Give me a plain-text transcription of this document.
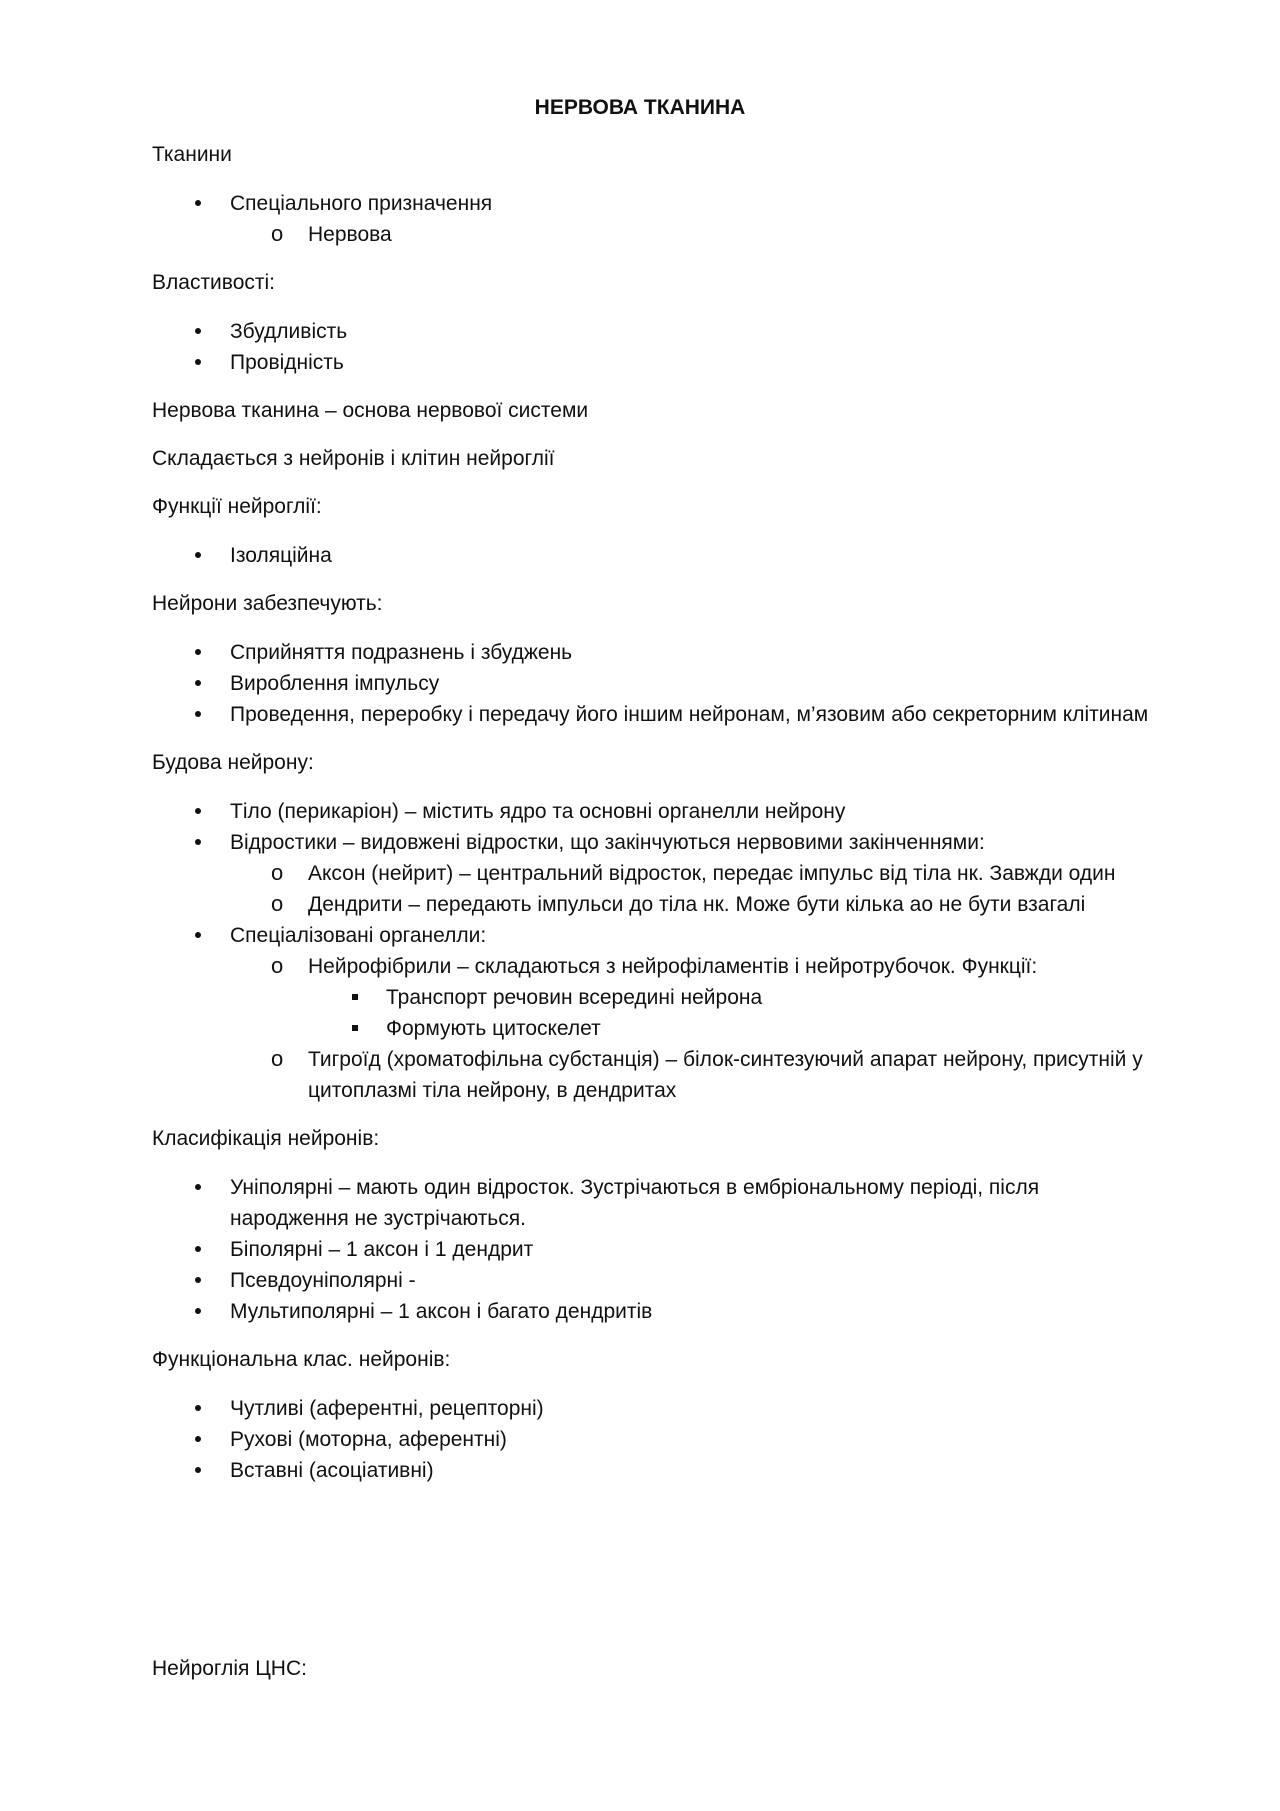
НЕРВОВА ТКАНИНА

Тканини

Спеціального призначення
o Нервова

Властивості:

Збудливість
Провідність

Нервова тканина – основа нервової системи

Складається з нейронів і клітин нейроглії

Функції нейроглії:

Ізоляційна

Нейрони забезпечують:

Сприйняття подразнень і збуджень
Вироблення імпульсу
Проведення, переробку і передачу його іншим нейронам, м’язовим або секреторним клітинам

Будова нейрону:

Тіло (перикаріон) – містить ядро та основні органелли нейрону
Відростики – видовжені відростки, що закінчуються нервовими закінченнями:
o Аксон (нейрит) – центральний відросток, передає імпульс від тіла нк. Завжди один
o Дендрити – передають імпульси до тіла нк. Може бути кілька ао не бути взагалі
Спеціалізовані органелли:
o Нейрофібрили – складаються з нейрофіламентів і нейротрубочок. Функції:
Транспорт речовин всередині нейрона
Формують цитоскелет
o Тигроїд (хроматофільна субстанція) – білок-синтезуючий апарат нейрону, присутній у цитоплазмі тіла нейрону, в дендритах

Класифікація нейронів:

Уніполярні – мають один відросток. Зустрічаються в ембріональному періоді, після народження не зустрічаються.
Біполярні – 1 аксон і 1 дендрит
Псевдоуніполярні -
Мультиполярні – 1 аксон і багато дендритів

Функціональна клас. нейронів:

Чутливі (аферентні, рецепторні)
Рухові (моторна, аферентні)
Вставні (асоціативні)

Нейроглія ЦНС:
